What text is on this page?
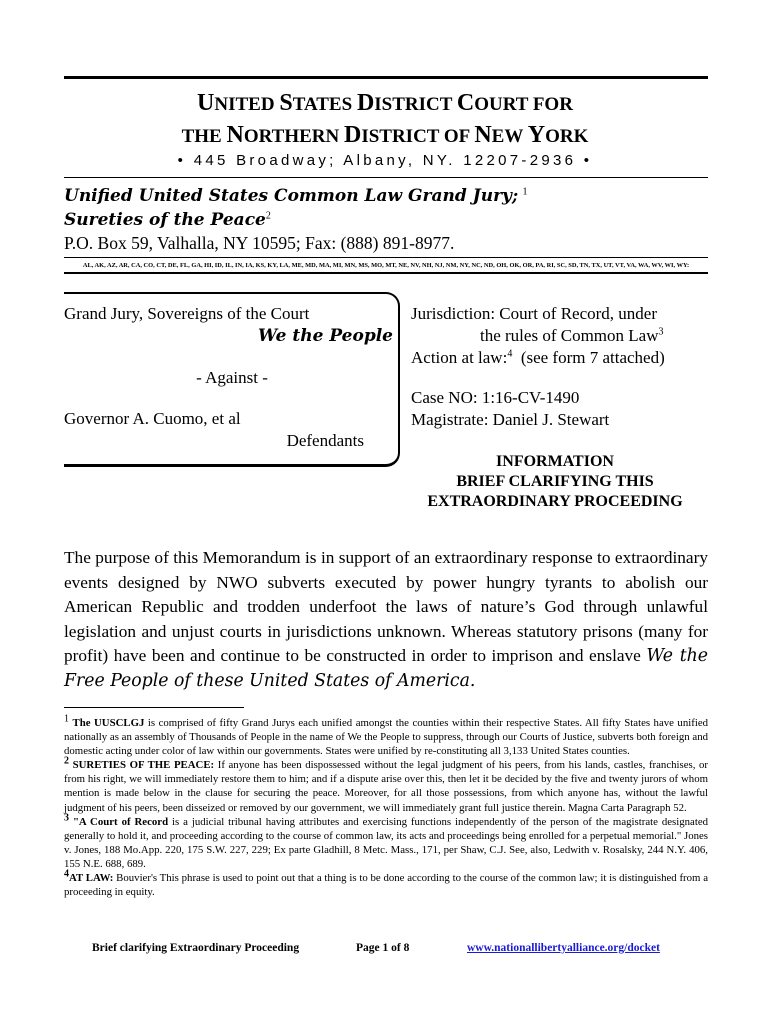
UNITED STATES DISTRICT COURT FOR
THE NORTHERN DISTRICT OF NEW YORK
• 445 Broadway; Albany, NY. 12207-2936 •
Unified United States Common Law Grand Jury; $^1$
Sureties of the Peace$^2$
P.O. Box 59, Valhalla, NY 10595; Fax: (888) 891-8977.
AL, AK, AZ, AR, CA, CO, CT, DE, FL, GA, HI, ID, IL, IN, IA, KS, KY, LA, ME, MD, MA, MI, MN, MS, MO, MT, NE, NV, NH, NJ, NM, NY, NC, ND, OH, OK, OR, PA, RI, SC, SD, TN, TX, UT, VT, VA, WA, WV, WI, WY:
Grand Jury, Sovereigns of the Court
We the People
- Against -
Governor A. Cuomo, et al
Defendants
Jurisdiction: Court of Record, under
the rules of Common Law$^3$
Action at law:$^4$  (see form 7 attached)
Case NO: 1:16-CV-1490
Magistrate: Daniel J. Stewart
INFORMATION
BRIEF CLARIFYING THIS
EXTRAORDINARY PROCEEDING
The purpose of this Memorandum is in support of an extraordinary response to extraordinary events designed by NWO subverts executed by power hungry tyrants to abolish our American Republic and trodden underfoot the laws of nature’s God through unlawful legislation and unjust courts in jurisdictions unknown. Whereas statutory prisons (many for profit) have been and continue to be constructed in order to imprison and enslave We the Free People of these United States of America.

$^1$ The UUSCLGJ is comprised of fifty Grand Jurys each unified amongst the counties within their respective States. All fifty States have unified nationally as an assembly of Thousands of People in the name of We the People to suppress, through our Courts of Justice, subverts both foreign and domestic acting under color of law within our governments. States were unified by re-constituting all 3,133 United States counties.

$^2$ SURETIES OF THE PEACE: If anyone has been dispossessed without the legal judgment of his peers, from his lands, castles, franchises, or from his right, we will immediately restore them to him; and if a dispute arise over this, then let it be decided by the five and twenty jurors of whom mention is made below in the clause for securing the peace. Moreover, for all those possessions, from which anyone has, without the lawful judgment of his peers, been disseized or removed by our government, we will immediately grant full justice therein. Magna Carta Paragraph 52.

$^3$ "A Court of Record is a judicial tribunal having attributes and exercising functions independently of the person of the magistrate designated generally to hold it, and proceeding according to the course of common law, its acts and proceedings being enrolled for a perpetual memorial." Jones v. Jones, 188 Mo.App. 220, 175 S.W. 227, 229; Ex parte Gladhill, 8 Metc. Mass., 171, per Shaw, C.J. See, also, Ledwith v. Rosalsky, 244 N.Y. 406, 155 N.E. 688, 689.

$^4$AT LAW: Bouvier's This phrase is used to point out that a thing is to be done according to the course of the common law; it is distinguished from a proceeding in equity.

Brief clarifying Extraordinary Proceeding	Page 1 of 8	www.nationallibertyalliance.org/docket
